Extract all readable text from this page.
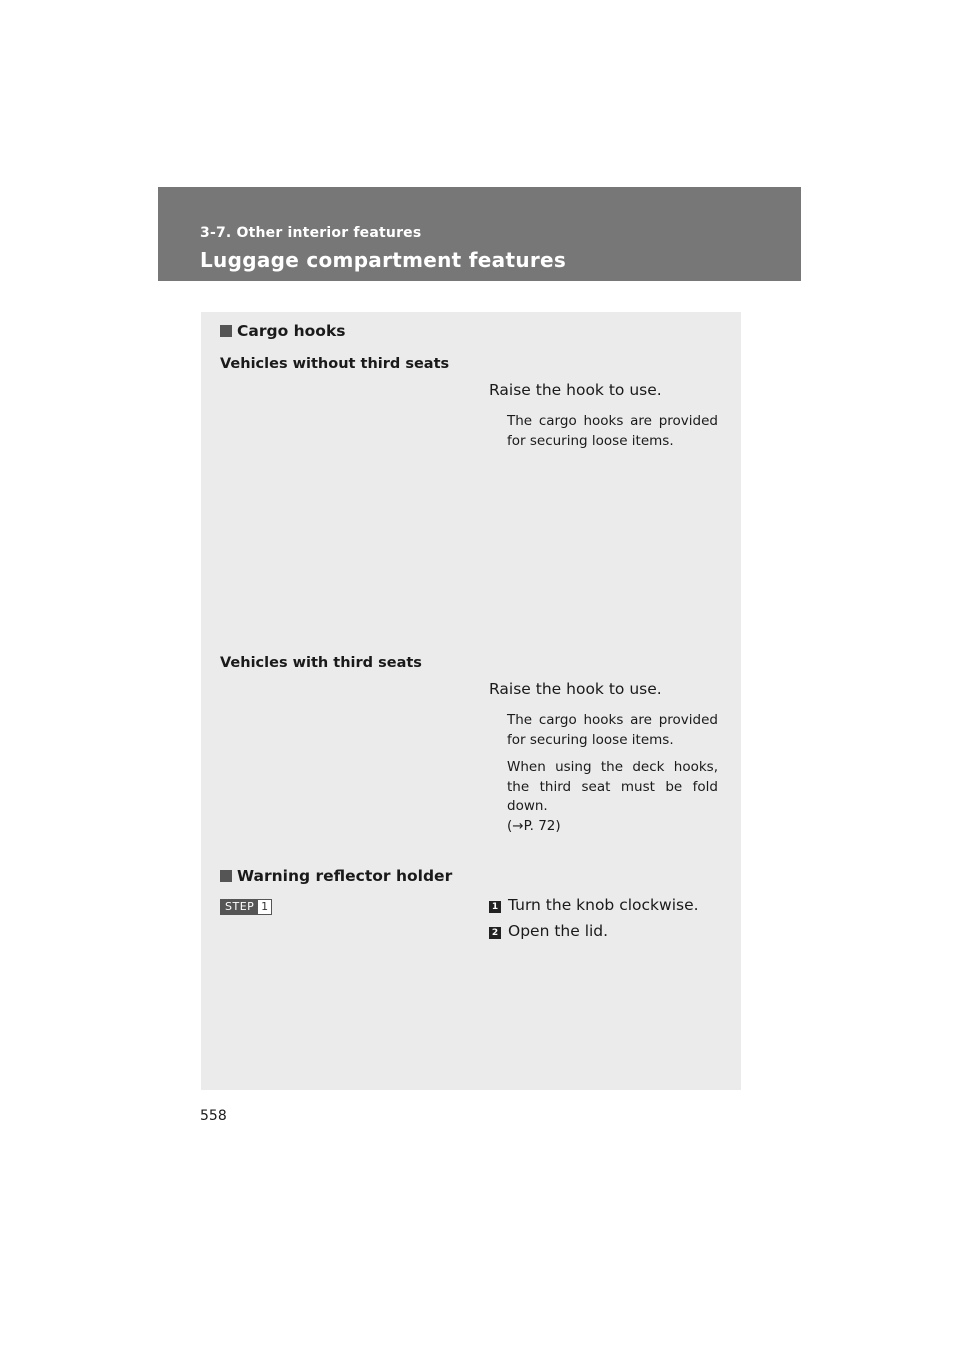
3-7. Other interior features
Luggage compartment features
Cargo hooks
Vehicles without third seats
Raise the hook to use.

The cargo hooks are provided for securing loose items.

Vehicles with third seats
Raise the hook to use.

The cargo hooks are provided for securing loose items.

When using the deck hooks, the third seat must be fold down.
(→P. 72)
Warning reflector holder
STEP 1	1 Turn the knob clockwise.
2 Open the lid.
558
